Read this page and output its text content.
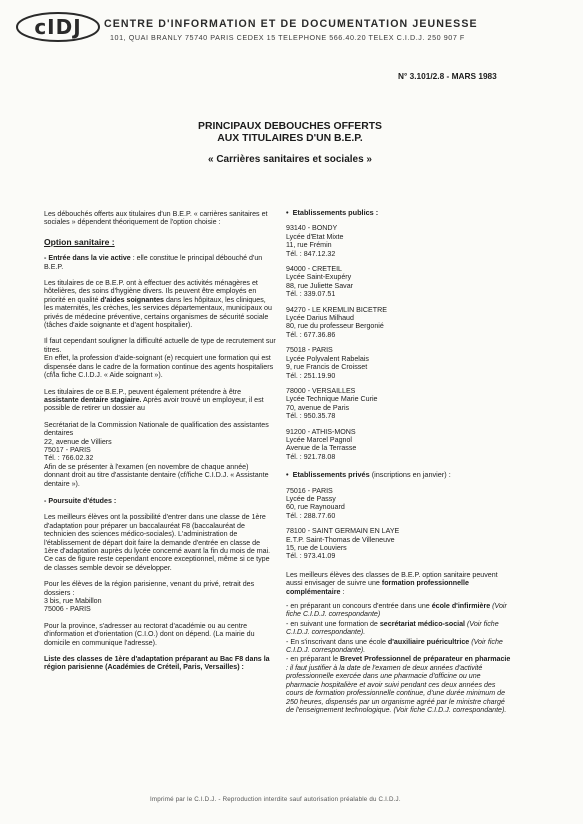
cIDJ CENTRE D'INFORMATION ET DE DOCUMENTATION JEUNESSE
101, QUAI BRANLY 75740 PARIS CEDEX 15 TELEPHONE 566.40.20 TELEX C.I.D.J. 250 907 F
N° 3.101/2.8 - MARS 1983
PRINCIPAUX DEBOUCHES OFFERTS
AUX TITULAIRES D'UN B.E.P.
« Carrières sanitaires et sociales »

Les débouchés offerts aux titulaires d'un B.E.P. « carrières sanitaires et sociales » dépendent théoriquement de l'option choisie :

Option sanitaire :

- Entrée dans la vie active : elle constitue le principal débouché d'un B.E.P.

Les titulaires de ce B.E.P. ont à effectuer des activités ménagères et hôtelières, des soins d'hygiène divers. Ils peuvent être employés en priorité en qualité d'aides soignantes dans les hôpitaux, les cliniques, les maternités, les crèches, les services départementaux, municipaux ou privés de médecine préventive, certains organismes de sécurité sociale (tâches d'aide soignante et d'agent hospitalier).

Il faut cependant souligner la difficulté actuelle de type de recrutement sur titres.

En effet, la profession d'aide-soignant (e) recquiert une formation qui est dispensée dans le cadre de la formation continue des agents hospitaliers (cf/la fiche C.I.D.J. « Aide soignant »).

Les titulaires de ce B.E.P., peuvent également prétendre à être assistante dentaire stagiaire. Après avoir trouvé un employeur, il est possible de retirer un dossier au

Secrétariat de la Commission Nationale de qualification des assistantes dentaires

22, avenue de Villiers

75017 - PARIS

Tél. : 766.02.32

Afin de se présenter à l'examen (en novembre de chaque année) donnant droit au titre d'assistante dentaire (cf/fiche C.I.D.J. « Assistante dentaire »).

- Poursuite d'études :

Les meilleurs élèves ont la possibilité d'entrer dans une classe de 1ère d'adaptation pour préparer un baccalauréat F8 (baccalauréat de technicien des sciences médico-sociales). L'administration de l'établissement de départ doit faire la demande d'entrée en classe de 1ère d'adaptation auprès du lycée concerné avant la fin du mois de mai.

Ce cas de figure reste cependant encore exceptionnel, même si ce type de classes semble devoir se développer.

Pour les élèves de la région parisienne, venant du privé, retrait des dossiers :

3 bis, rue Mabillon

75006 - PARIS

Pour la province, s'adresser au rectorat d'académie ou au centre d'information et d'orientation (C.I.O.) dont on dépend. (La mairie du domicile en communique l'adresse).

Liste des classes de 1ère d'adaptation préparant au Bac F8 dans la région parisienne (Académies de Créteil, Paris, Versailles) :

•  Etablissements publics :

93140 - BONDY

Lycée d'Etat Mixte

11, rue Frémin

Tél. : 847.12.32

94000 - CRETEIL

Lycée Saint-Exupéry

88, rue Juliette Savar

Tél. : 339.07.51

94270 - LE KREMLIN BICETRE

Lycée Darius Milhaud

80, rue du professeur Bergonié

Tél. : 677.36.86

75018 - PARIS

Lycée Polyvalent Rabelais

9, rue Francis de Croisset

Tél. : 251.19.90

78000 - VERSAILLES

Lycée Technique Marie Curie

70, avenue de Paris

Tél. : 950.35.78

91200 - ATHIS-MONS

Lycée Marcel Pagnol

Avenue de la Terrasse

Tél. : 921.78.08

•  Etablissements privés (inscriptions en janvier) :

75016 - PARIS

Lycée de Passy

60, rue Raynouard

Tél. : 288.77.60

78100 - SAINT GERMAIN EN LAYE

E.T.P. Saint-Thomas de Villeneuve

15, rue de Louviers

Tél. : 973.41.09

Les meilleurs élèves des classes de B.E.P. option sanitaire peuvent aussi envisager de suivre une formation professionnelle complémentaire :

- en préparant un concours d'entrée dans une école d'infirmière (Voir fiche C.I.D.J. correspondante)

- en suivant une formation de secrétariat médico-social (Voir fiche C.I.D.J. correspondante).

- En s'inscrivant dans une école d'auxiliaire puéricultrice (Voir fiche C.I.D.J. correspondante).

- en préparant le Brevet Professionnel de préparateur en pharmacie : il faut justifier à la date de l'examen de deux années d'activité professionnelle exercée dans une pharmacie d'officine ou une pharmacie hospitalière et avoir suivi pendant ces deux années des cours de formation professionnelle continue, d'une durée minimum de 250 heures, dispensés par un organisme agréé par le ministre chargé de l'enseignement technologique. (Voir fiche C.I.D.J. correspondante).

Imprimé par le C.I.D.J. - Reproduction interdite sauf autorisation préalable du C.I.D.J.
